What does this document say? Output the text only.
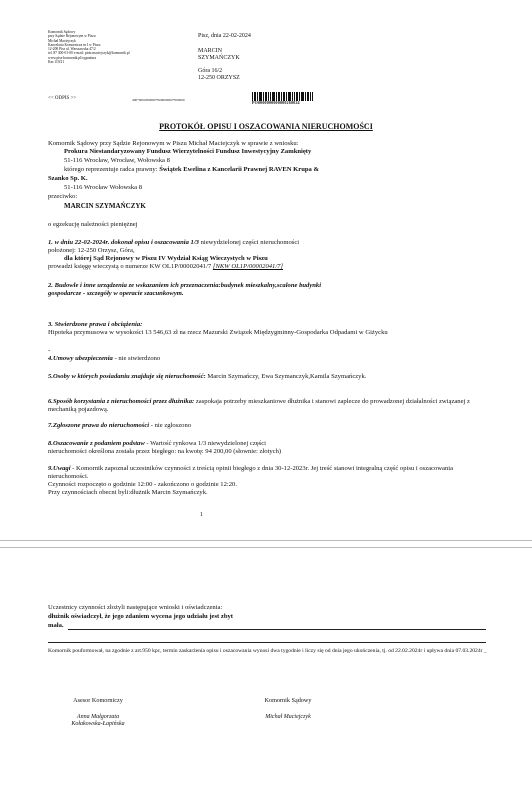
Komornik Sądowy
przy Sądzie Rejonowym w Piszu
Michał Maciejczyk
Kancelaria Komornicza nr I w Piszu
12-200 Pisz ul. Warszawska 47/2
tel. 87 300-01-00 e-mail: piotr.maciejczyk@komornik.pl
www.pisz-komornik.pl/sygnatura
Km 119/21
Pisz, dnia 22-02-2024
MARCIN
SZYMAŃCZYK
Góra 16/2
12-250 ORZYSZ
PO0000000000000260024
<< ODPIS >>	400*0002000000*000000000*000000
PROTOKÓŁ OPISU I OSZACOWANIA NIERUCHOMOŚCI
Komornik Sądowy przy Sądzie Rejonowym w Piszu Michał Maciejczyk w sprawie z wniosku:
Prokura Niestandaryzowany Fundusz Wierzytelności Fundusz Inwestycyjny Zamknięty
51-116 Wrocław, Wrocław, Wołowska 8
którego reprezentuje radca prawny: Świątek Ewelina z Kancelarii Prawnej RAVEN Krupa &
Szanko Sp. K.
51-116 Wrocław Wołowska 8
przeciwko:
MARCIN SZYMAŃCZYK
o egzekucję należności pieniężnej
1. w dniu 22-02-2024r. dokonał opisu i oszacowania 1/3 niewydzielonej części nieruchomości
położonej: 12-250 Orzysz, Góra,
dla której Sąd Rejonowy w Piszu IV Wydział Ksiąg Wieczystych w Piszu
prowadzi księgę wieczystą o numerze KW OL1P/00002041/7 [NKW OL1P/00002041/7]
2. Budowle i inne urządzenia ze wskazaniem ich przeznaczenia:budynek mieszkalny,scalone budynki gospodarcze - szczegóły w operacie szacunkowym.
3. Stwierdzone prawa i obciążenia:
Hipoteka przymusowa w wysokości 13 546,63 zł na rzecz Mazurski Związek Międzygminny-Gospodarka Odpadami w Giżycku
-
4.Umowy ubezpieczenia - nie stwierdzono
5.Osoby w których posiadaniu znajduje się nieruchomość: Marcin Szymańczy, Ewa Szymanczyk,Kamila Szymańczyk.
6.Sposób korzystania z nieruchomości przez dłużnika: zaspokaja potrzeby mieszkaniowe dłużnika i stanowi zaplecze do prowadzonej działalności związanej z mechaniką pojazdową.
7.Zgłoszone prawa do nieruchomości - nie zgłoszono
8.Oszacowanie z podaniem podstaw - Wartość rynkowa 1/3 niewydzielonej części
nieruchomości określona została przez biegłego: na kwotę: 94 200,00 (słownie: złotych)
9.Uwagi - Komornik zapoznał uczestników czynności z treścią opinii biegłego z dnia 30-12-2023r. Jej treść stanowi integralną część opisu i oszacowania nieruchomości.
Czynności rozpoczęto o godzinie 12:00 - zakończono o godzinie 12:20.
Przy czynnościach obecni byli:dłużnik Marcin Szymańczyk.
1
Uczestnicy czynności złożyli następujące wnioski i oświadczenia:
dłużnik oświadczył, że jego zdaniem wycena jego udziału jest zbyt
mała.
Komornik pouformował, na zgodnie z art.950 kpc, termin zaskarżenia opisu i oszacowania wynosi dwa tygodnie i liczy się od dnia jego ukończenia, tj. od 22.02.2024r i upływa dnia 07.03.2024r _
Asesor Komorniczy
Anna Małgorzata
Kołakowska-Łapińska
Komornik Sądowy
Michał Maciejczyk
